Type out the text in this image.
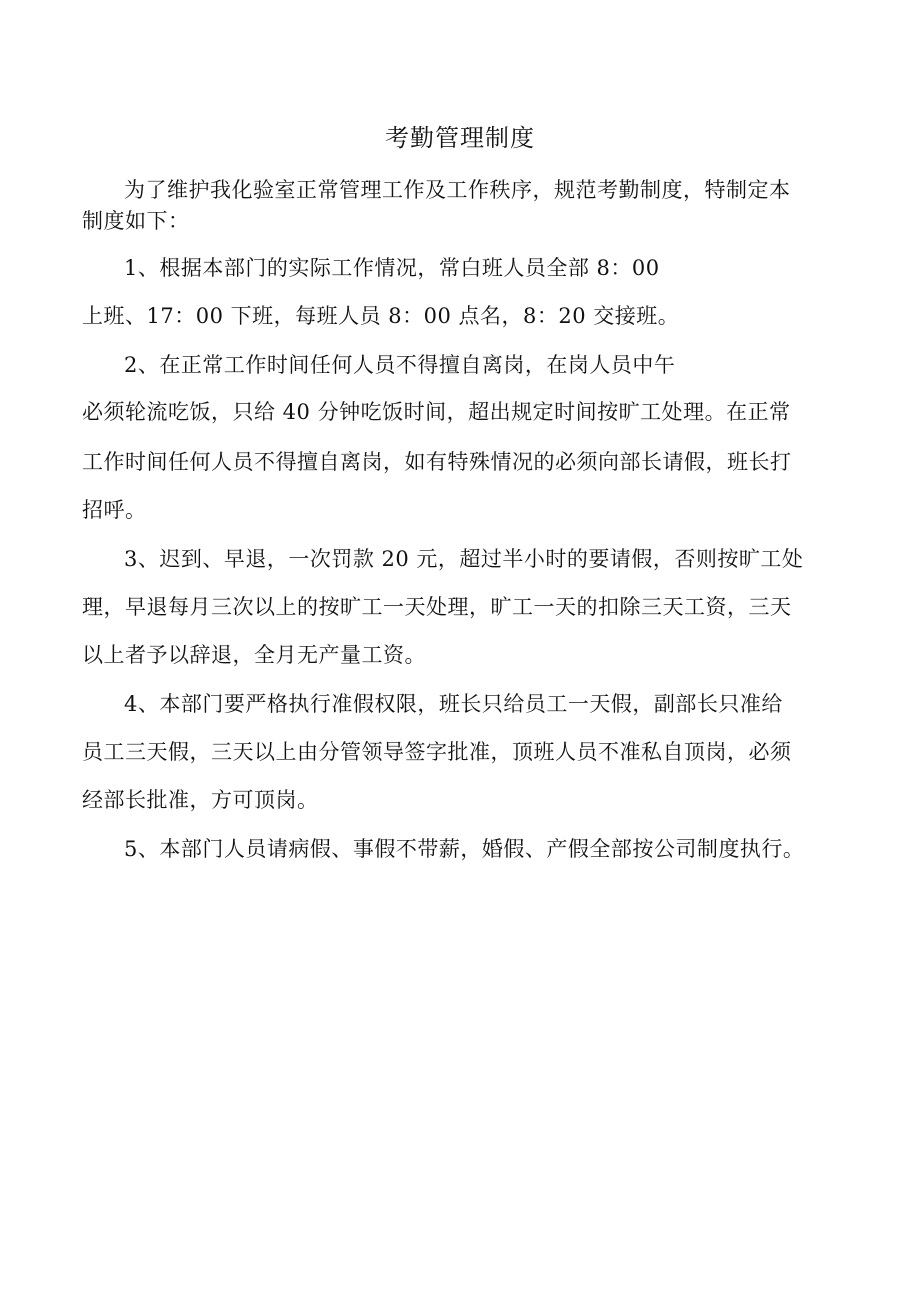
考勤管理制度
为了维护我化验室正常管理工作及工作秩序，规范考勤制度，特制定本
制度如下：
1、根据本部门的实际工作情况，常白班人员全部 8：00
上班、17：00 下班，每班人员 8：00 点名，8：20 交接班。
2、在正常工作时间任何人员不得擅自离岗，在岗人员中午
必须轮流吃饭，只给 40 分钟吃饭时间，超出规定时间按旷工处理。在正常
工作时间任何人员不得擅自离岗，如有特殊情况的必须向部长请假，班长打
招呼。
3、迟到、早退，一次罚款 20 元，超过半小时的要请假，否则按旷工处
理，早退每月三次以上的按旷工一天处理，旷工一天的扣除三天工资，三天
以上者予以辞退，全月无产量工资。
4、本部门要严格执行准假权限，班长只给员工一天假，副部长只准给
员工三天假，三天以上由分管领导签字批准，顶班人员不准私自顶岗，必须
经部长批准，方可顶岗。
5、本部门人员请病假、事假不带薪，婚假、产假全部按公司制度执行。
